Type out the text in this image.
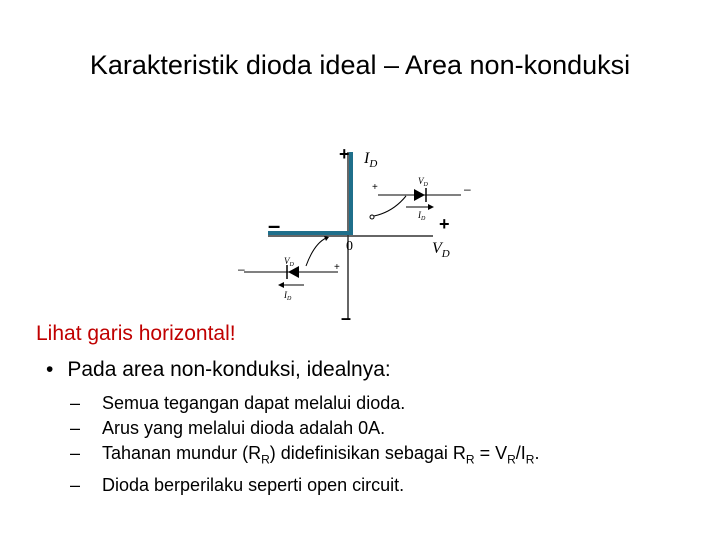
Karakteristik dioda ideal – Area non-konduksi
+
–
+
–
$I_D$
$V_D$
0
+	–
$V_D$
$I_D$
–	+
$V_D$
$I_D$
Lihat garis horizontal!
• Pada area non-konduksi, idealnya:
–	Semua tegangan dapat melalui dioda.
–	Arus yang melalui dioda adalah 0A.
–	Tahanan mundur $(R_R)$ didefinisikan sebagai $R_R = V_R/I_R$.
–	Dioda berperilaku seperti open circuit.
